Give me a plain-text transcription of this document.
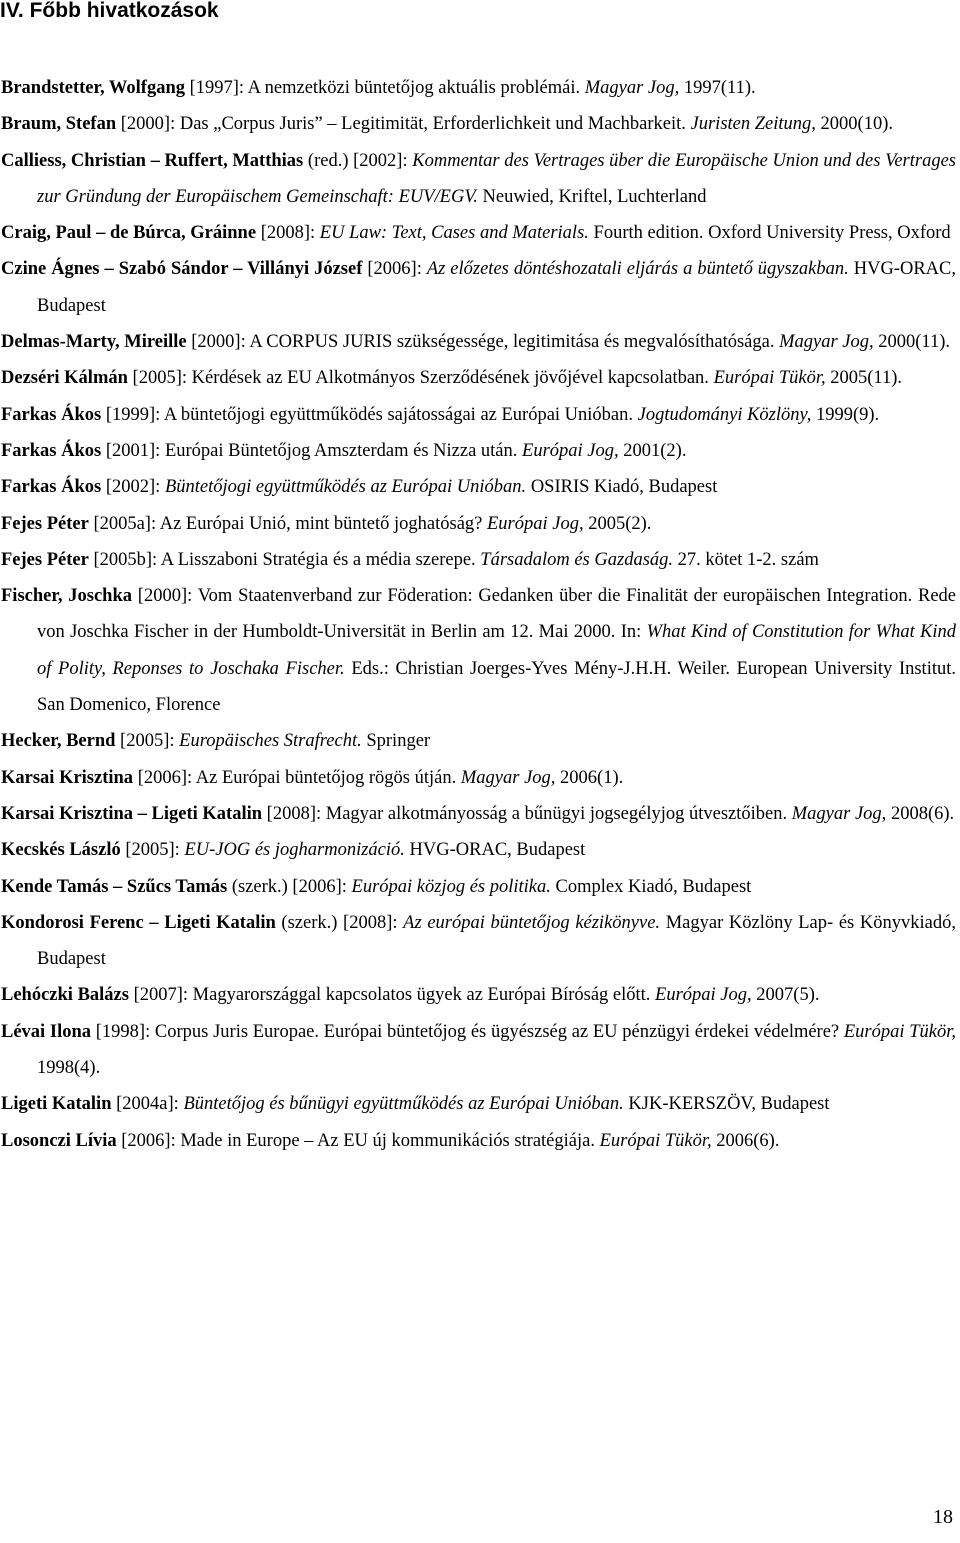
IV. Főbb hivatkozások
Brandstetter, Wolfgang [1997]: A nemzetközi büntetőjog aktuális problémái. Magyar Jog, 1997(11).
Braum, Stefan [2000]: Das „Corpus Juris” – Legitimität, Erforderlichkeit und Machbarkeit. Juristen Zeitung, 2000(10).
Calliess, Christian – Ruffert, Matthias (red.) [2002]: Kommentar des Vertrages über die Europäische Union und des Vertrages zur Gründung der Europäischem Gemeinschaft: EUV/EGV. Neuwied, Kriftel, Luchterland
Craig, Paul – de Búrca, Gráinne [2008]: EU Law: Text, Cases and Materials. Fourth edition. Oxford University Press, Oxford
Czine Ágnes – Szabó Sándor – Villányi József [2006]: Az előzetes döntéshozatali eljárás a büntető ügyszakban. HVG-ORAC, Budapest
Delmas-Marty, Mireille [2000]: A CORPUS JURIS szükségessége, legitimitása és megvalósíthatósága. Magyar Jog, 2000(11).
Dezséri Kálmán [2005]: Kérdések az EU Alkotmányos Szerződésének jövőjével kapcsolatban. Európai Tükör, 2005(11).
Farkas Ákos [1999]: A büntetőjogi együttműködés sajátosságai az Európai Unióban. Jogtudományi Közlöny, 1999(9).
Farkas Ákos [2001]: Európai Büntetőjog Amszterdam és Nizza után. Európai Jog, 2001(2).
Farkas Ákos [2002]: Büntetőjogi együttműködés az Európai Unióban. OSIRIS Kiadó, Budapest
Fejes Péter [2005a]: Az Európai Unió, mint büntető joghatóság? Európai Jog, 2005(2).
Fejes Péter [2005b]: A Lisszaboni Stratégia és a média szerepe. Társadalom és Gazdaság. 27. kötet 1-2. szám
Fischer, Joschka [2000]: Vom Staatenverband zur Föderation: Gedanken über die Finalität der europäischen Integration. Rede von Joschka Fischer in der Humboldt-Universität in Berlin am 12. Mai 2000. In: What Kind of Constitution for What Kind of Polity, Reponses to Joschaka Fischer. Eds.: Christian Joerges-Yves Mény-J.H.H. Weiler. European University Institut. San Domenico, Florence
Hecker, Bernd [2005]: Europäisches Strafrecht. Springer
Karsai Krisztina [2006]: Az Európai büntetőjog rögös útján. Magyar Jog, 2006(1).
Karsai Krisztina – Ligeti Katalin [2008]: Magyar alkotmányosság a bűnügyi jogsegélyjog útvesztőiben. Magyar Jog, 2008(6).
Kecskés László [2005]: EU-JOG és jogharmonizáció. HVG-ORAC, Budapest
Kende Tamás – Szűcs Tamás (szerk.) [2006]: Európai közjog és politika. Complex Kiadó, Budapest
Kondorosi Ferenc – Ligeti Katalin (szerk.) [2008]: Az európai büntetőjog kézikönyve. Magyar Közlöny Lap- és Könyvkiadó, Budapest
Lehóczki Balázs [2007]: Magyarországgal kapcsolatos ügyek az Európai Bíróság előtt. Európai Jog, 2007(5).
Lévai Ilona [1998]: Corpus Juris Europae. Európai büntetőjog és ügyészség az EU pénzügyi érdekei védelmére? Európai Tükör, 1998(4).
Ligeti Katalin [2004a]: Büntetőjog és bűnügyi együttműködés az Európai Unióban. KJK-KERSZÖV, Budapest
Losonczi Lívia [2006]: Made in Europe – Az EU új kommunikációs stratégiája. Európai Tükör, 2006(6).
18
